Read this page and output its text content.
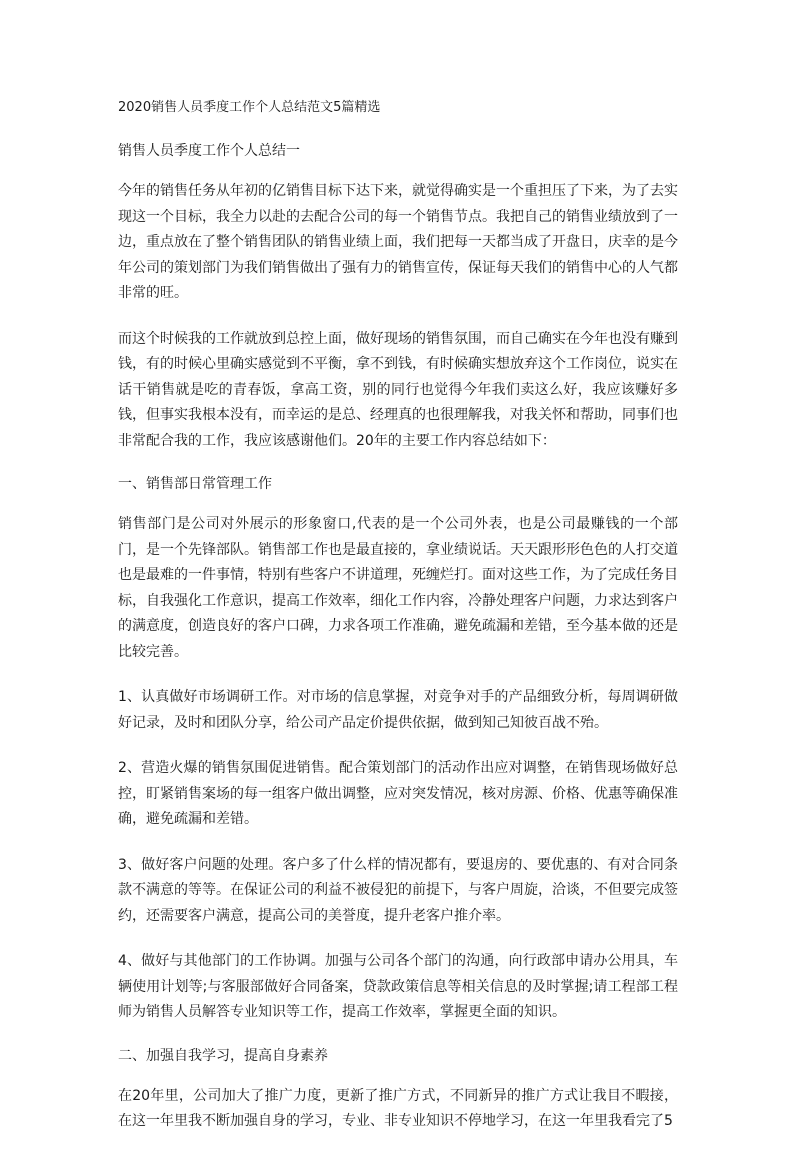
2020销售人员季度工作个人总结范文5篇精选
销售人员季度工作个人总结一

今年的销售任务从年初的亿销售目标下达下来，就觉得确实是一个重担压了下来，为了去实现这一个目标，我全力以赴的去配合公司的每一个销售节点。我把自己的销售业绩放到了一边，重点放在了整个销售团队的销售业绩上面，我们把每一天都当成了开盘日，庆幸的是今年公司的策划部门为我们销售做出了强有力的销售宣传，保证每天我们的销售中心的人气都非常的旺。

而这个时候我的工作就放到总控上面，做好现场的销售氛围，而自己确实在今年也没有赚到钱，有的时候心里确实感觉到不平衡，拿不到钱，有时候确实想放弃这个工作岗位，说实在话干销售就是吃的青春饭，拿高工资，别的同行也觉得今年我们卖这么好，我应该赚好多钱，但事实我根本没有，而幸运的是总、经理真的也很理解我，对我关怀和帮助，同事们也非常配合我的工作，我应该感谢他们。20年的主要工作内容总结如下：

一、销售部日常管理工作

销售部门是公司对外展示的形象窗口,代表的是一个公司外表，也是公司最赚钱的一个部门，是一个先锋部队。销售部工作也是最直接的，拿业绩说话。天天跟形形色色的人打交道也是最难的一件事情，特别有些客户不讲道理，死缠烂打。面对这些工作，为了完成任务目标，自我强化工作意识，提高工作效率，细化工作内容，冷静处理客户问题，力求达到客户的满意度，创造良好的客户口碑，力求各项工作准确，避免疏漏和差错，至今基本做的还是比较完善。

1、认真做好市场调研工作。对市场的信息掌握，对竞争对手的产品细致分析，每周调研做好记录，及时和团队分享，给公司产品定价提供依据，做到知己知彼百战不殆。

2、营造火爆的销售氛围促进销售。配合策划部门的活动作出应对调整，在销售现场做好总控，盯紧销售案场的每一组客户做出调整，应对突发情况，核对房源、价格、优惠等确保准确，避免疏漏和差错。

3、做好客户问题的处理。客户多了什么样的情况都有，要退房的、要优惠的、有对合同条款不满意的等等。在保证公司的利益不被侵犯的前提下，与客户周旋，洽谈，不但要完成签约，还需要客户满意，提高公司的美誉度，提升老客户推介率。

4、做好与其他部门的工作协调。加强与公司各个部门的沟通，向行政部申请办公用具，车辆使用计划等;与客服部做好合同备案，贷款政策信息等相关信息的及时掌握;请工程部工程师为销售人员解答专业知识等工作，提高工作效率，掌握更全面的知识。

二、加强自我学习，提高自身素养

在20年里，公司加大了推广力度，更新了推广方式，不同新异的推广方式让我目不暇接，在这一年里我不断加强自身的学习，专业、非专业知识不停地学习，在这一年里我看完了5
